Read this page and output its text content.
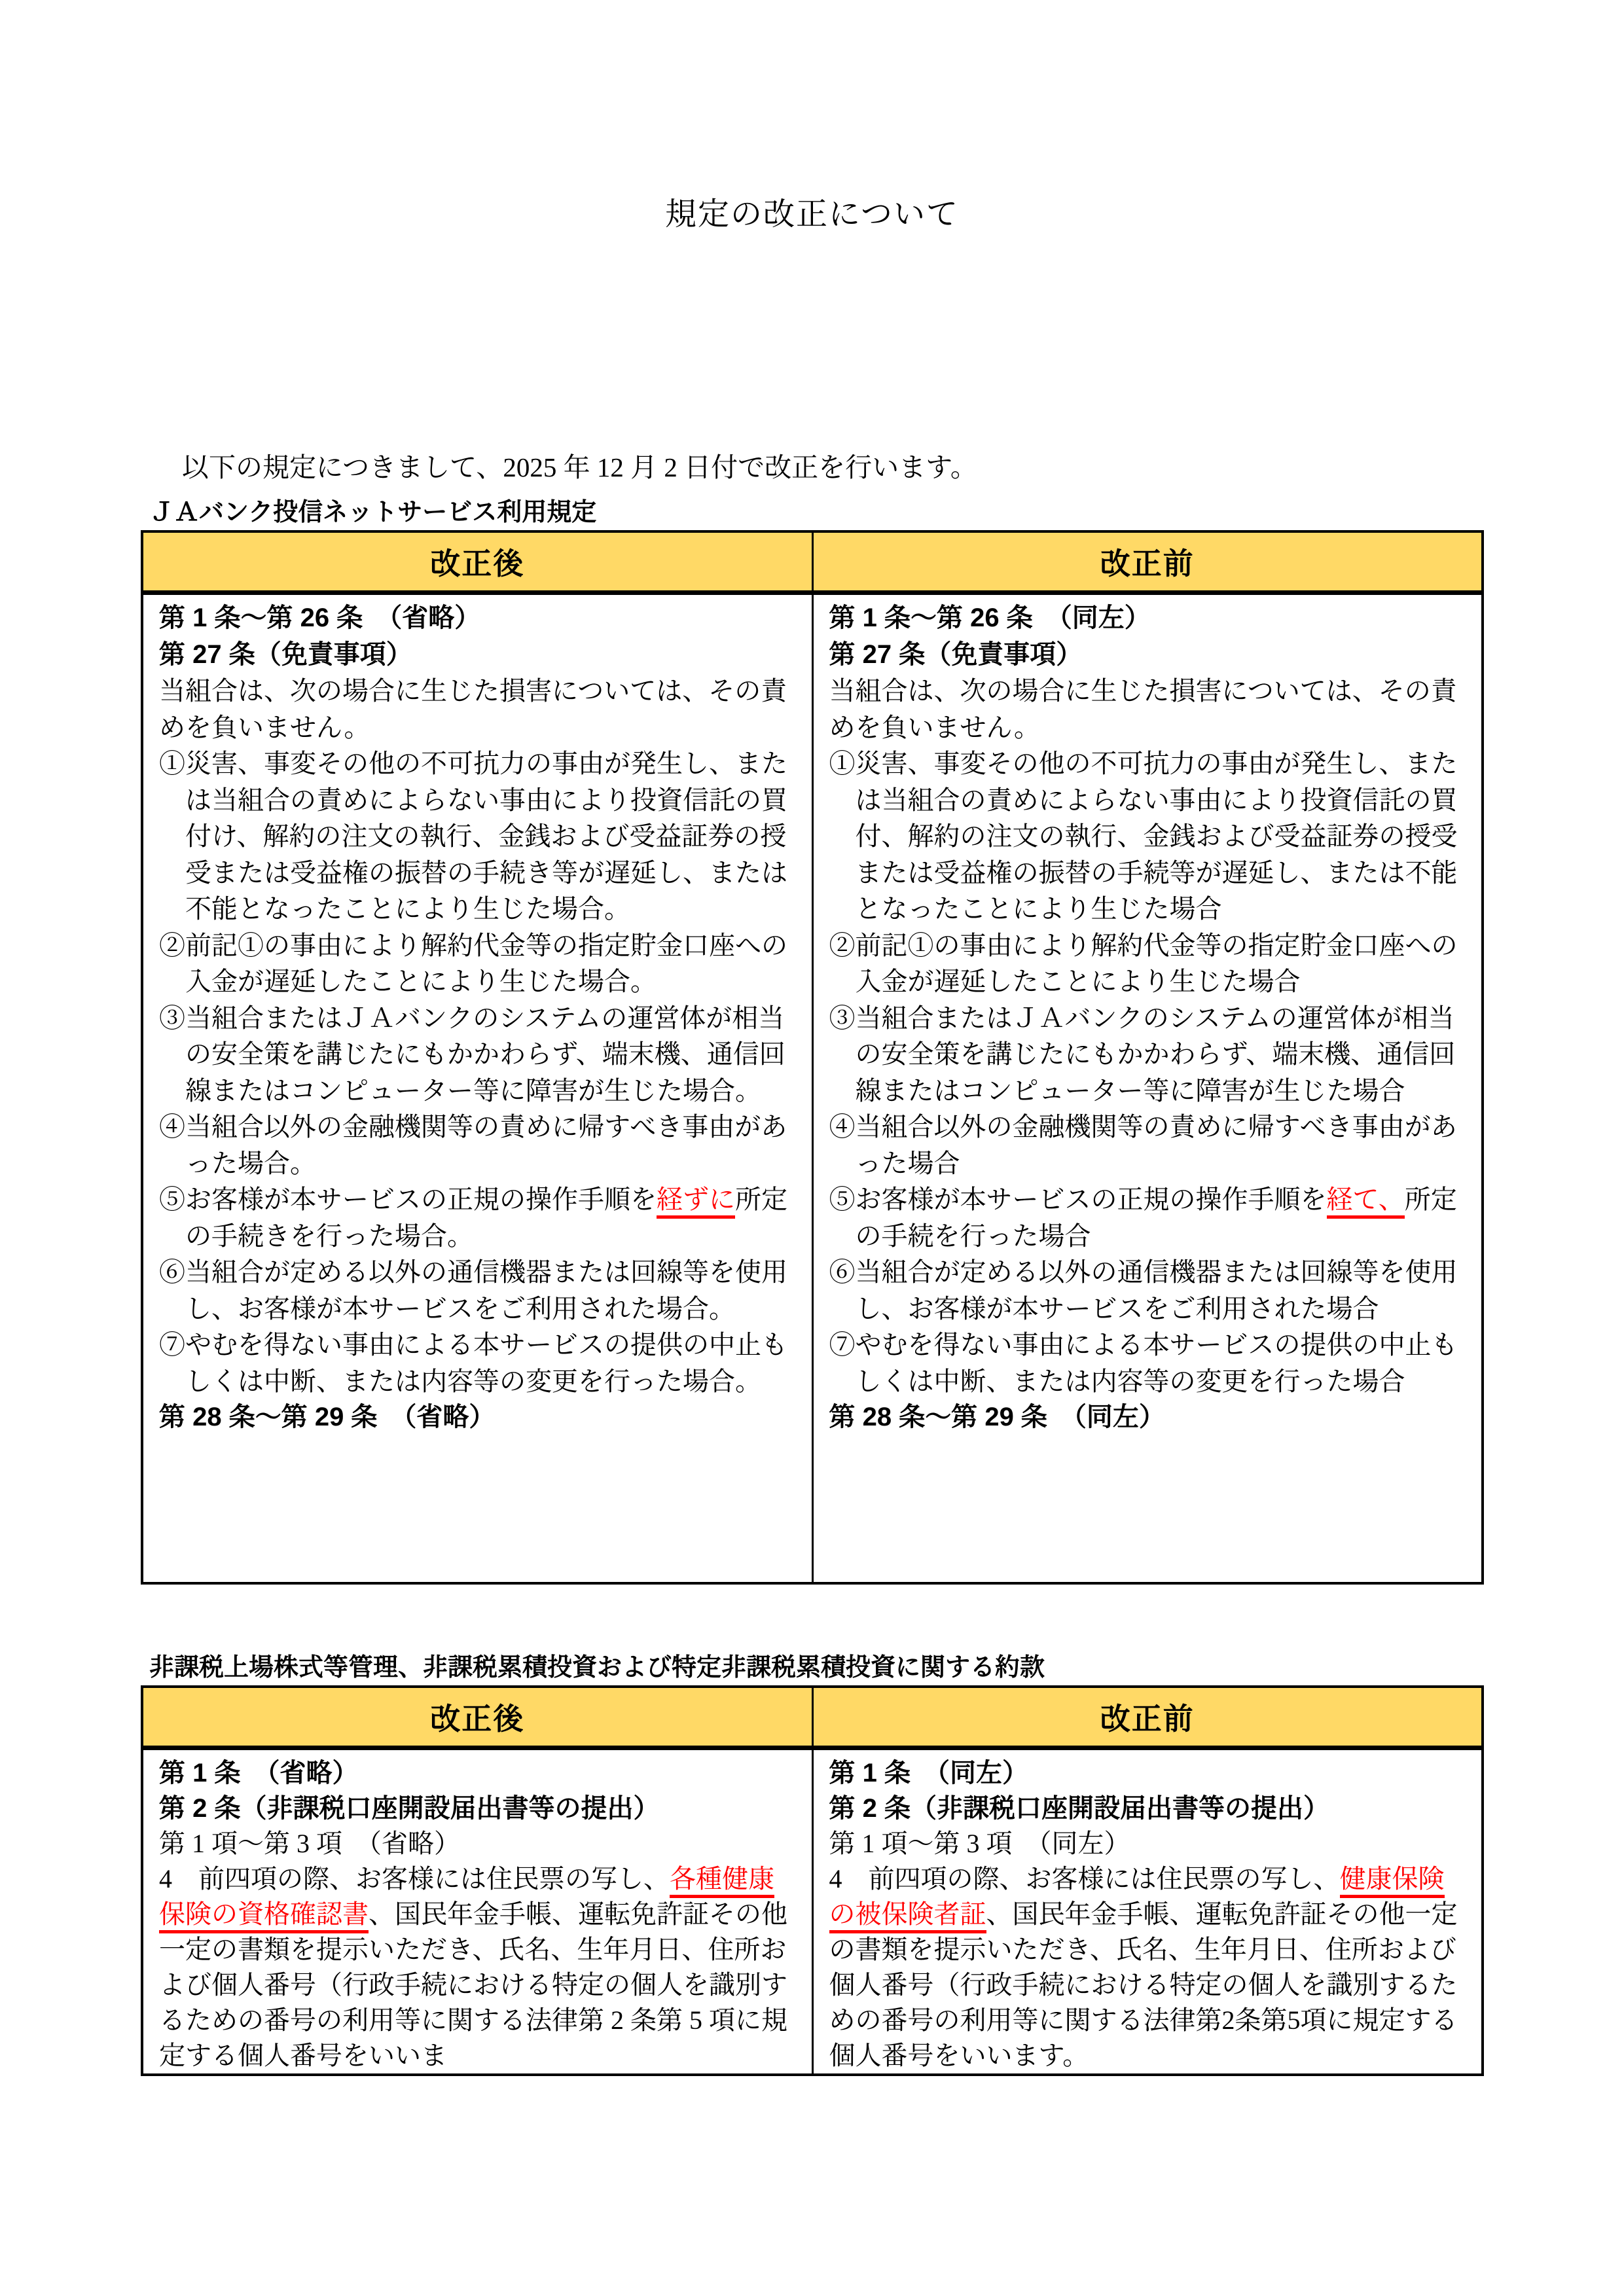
規定の改正について

以下の規定につきまして、2025 年 12 月 2 日付で改正を行います。

ＪＡバンク投信ネットサービス利用規定
改正後	改正前

第 1 条～第 26 条　（省略）
第 27 条（免責事項）
当組合は、次の場合に生じた損害については、その責めを負いません。
①災害、事変その他の不可抗力の事由が発生し、または当組合の責めによらない事由により投資信託の買付け、解約の注文の執行、金銭および受益証券の授受または受益権の振替の手続き等が遅延し、または不能となったことにより生じた場合。
②前記①の事由により解約代金等の指定貯金口座への入金が遅延したことにより生じた場合。
③当組合またはＪＡバンクのシステムの運営体が相当の安全策を講じたにもかかわらず、端末機、通信回線またはコンピューター等に障害が生じた場合。
④当組合以外の金融機関等の責めに帰すべき事由があった場合。
⑤お客様が本サービスの正規の操作手順を経ずに所定の手続きを行った場合。
⑥当組合が定める以外の通信機器または回線等を使用し、お客様が本サービスをご利用された場合。
⑦やむを得ない事由による本サービスの提供の中止もしくは中断、または内容等の変更を行った場合。
第 28 条～第 29 条　（省略）

第 1 条～第 26 条　（同左）
第 27 条（免責事項）
当組合は、次の場合に生じた損害については、その責めを負いません。
①災害、事変その他の不可抗力の事由が発生し、または当組合の責めによらない事由により投資信託の買付、解約の注文の執行、金銭および受益証券の授受または受益権の振替の手続等が遅延し、または不能となったことにより生じた場合
②前記①の事由により解約代金等の指定貯金口座への入金が遅延したことにより生じた場合
③当組合またはＪＡバンクのシステムの運営体が相当の安全策を講じたにもかかわらず、端末機、通信回線またはコンピューター等に障害が生じた場合
④当組合以外の金融機関等の責めに帰すべき事由があった場合
⑤お客様が本サービスの正規の操作手順を経て、所定の手続を行った場合
⑥当組合が定める以外の通信機器または回線等を使用し、お客様が本サービスをご利用された場合
⑦やむを得ない事由による本サービスの提供の中止もしくは中断、または内容等の変更を行った場合
第 28 条～第 29 条　（同左）
非課税上場株式等管理、非課税累積投資および特定非課税累積投資に関する約款
改正後	改正前

第 1 条　（省略）
第 2 条（非課税口座開設届出書等の提出）
第 1 項～第 3 項　（省略）
4　前四項の際、お客様には住民票の写し、各種健康保険の資格確認書、国民年金手帳、運転免許証その他一定の書類を提示いただき、氏名、生年月日、住所および個人番号（行政手続における特定の個人を識別するための番号の利用等に関する法律第 2 条第 5 項に規定する個人番号をいいま

第 1 条　（同左）
第 2 条（非課税口座開設届出書等の提出）
第 1 項～第 3 項　（同左）
4　前四項の際、お客様には住民票の写し、健康保険の被保険者証、国民年金手帳、運転免許証その他一定の書類を提示いただき、氏名、生年月日、住所および個人番号（行政手続における特定の個人を識別するための番号の利用等に関する法律第2条第5項に規定する個人番号をいいます。
